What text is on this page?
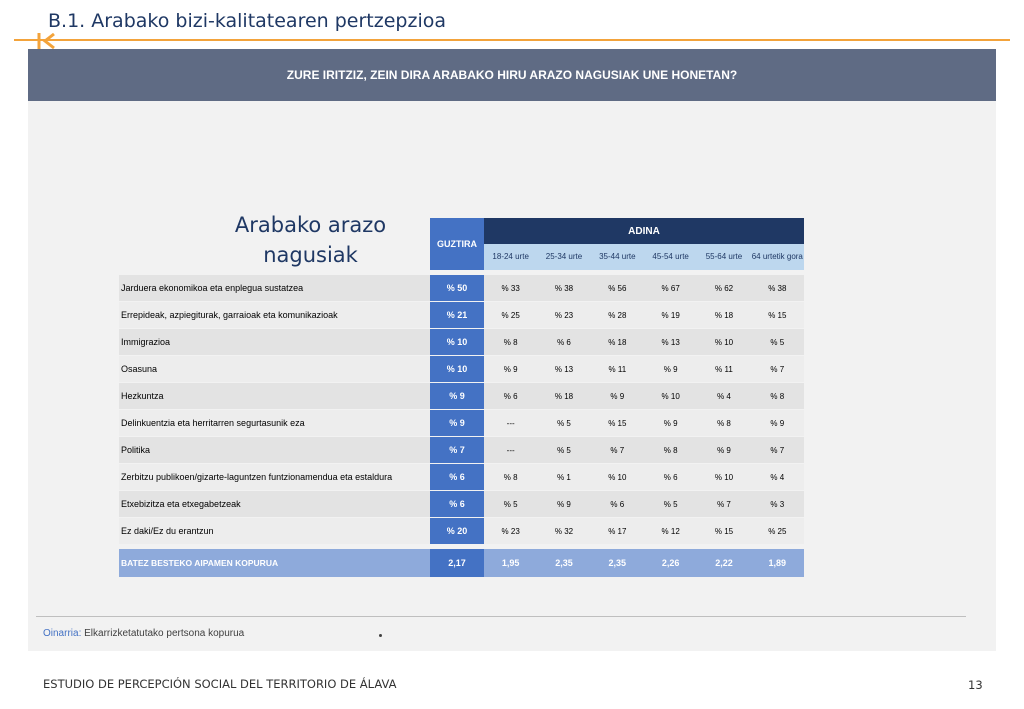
B.1. Arabako bizi-kalitatearen pertzepzioa
ZURE IRITZIZ, ZEIN DIRA ARABAKO HIRU ARAZO NAGUSIAK UNE HONETAN?
Arabako arazo nagusiak	GUZTIRA
ADINA
18-24 urte	25-34 urte	35-44 urte	45-54 urte	55-64 urte	64 urtetik gora
Jarduera ekonomikoa eta enplegua sustatzea	% 50	% 33	% 38	% 56	% 67	% 62	% 38
Errepideak, azpiegiturak, garraioak eta komunikazioak	% 21	% 25	% 23	% 28	% 19	% 18	% 15
Immigrazioa	% 10	% 8	% 6	% 18	% 13	% 10	% 5
Osasuna	% 10	% 9	% 13	% 11	% 9	% 11	% 7
Hezkuntza	% 9	% 6	% 18	% 9	% 10	% 4	% 8
Delinkuentzia eta herritarren segurtasunik eza	% 9	---	% 5	% 15	% 9	% 8	% 9
Politika	% 7	---	% 5	% 7	% 8	% 9	% 7
Zerbitzu publikoen/gizarte-laguntzen funtzionamendua eta estaldura	% 6	% 8	% 1	% 10	% 6	% 10	% 4
Etxebizitza eta etxegabetzeak	% 6	% 5	% 9	% 6	% 5	% 7	% 3
Ez daki/Ez du erantzun	% 20	% 23	% 32	% 17	% 12	% 15	% 25
BATEZ BESTEKO AIPAMEN KOPURUA	2,17	1,95	2,35	2,35	2,26	2,22	1,89
Oinarria: Elkarrizketatutako pertsona kopurua
ESTUDIO DE PERCEPCIÓN SOCIAL DEL TERRITORIO DE ÁLAVA	13
